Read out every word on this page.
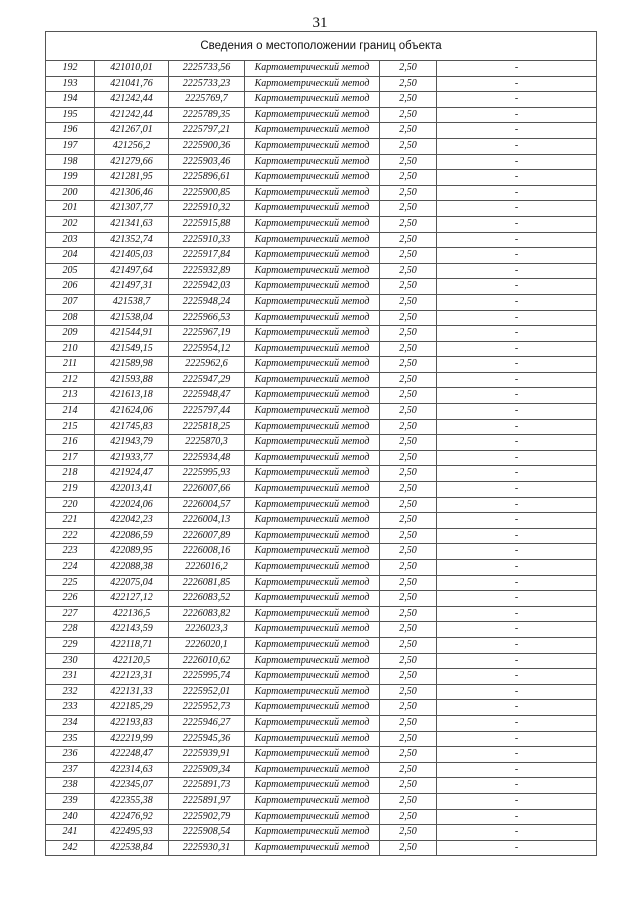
31
Сведения о местоположении границ объекта					
192	421010,01	2225733,56	Картометрический метод	2,50	-
193	421041,76	2225733,23	Картометрический метод	2,50	-
194	421242,44	2225769,7	Картометрический метод	2,50	-
195	421242,44	2225789,35	Картометрический метод	2,50	-
196	421267,01	2225797,21	Картометрический метод	2,50	-
197	421256,2	2225900,36	Картометрический метод	2,50	-
198	421279,66	2225903,46	Картометрический метод	2,50	-
199	421281,95	2225896,61	Картометрический метод	2,50	-
200	421306,46	2225900,85	Картометрический метод	2,50	-
201	421307,77	2225910,32	Картометрический метод	2,50	-
202	421341,63	2225915,88	Картометрический метод	2,50	-
203	421352,74	2225910,33	Картометрический метод	2,50	-
204	421405,03	2225917,84	Картометрический метод	2,50	-
205	421497,64	2225932,89	Картометрический метод	2,50	-
206	421497,31	2225942,03	Картометрический метод	2,50	-
207	421538,7	2225948,24	Картометрический метод	2,50	-
208	421538,04	2225966,53	Картометрический метод	2,50	-
209	421544,91	2225967,19	Картометрический метод	2,50	-
210	421549,15	2225954,12	Картометрический метод	2,50	-
211	421589,98	2225962,6	Картометрический метод	2,50	-
212	421593,88	2225947,29	Картометрический метод	2,50	-
213	421613,18	2225948,47	Картометрический метод	2,50	-
214	421624,06	2225797,44	Картометрический метод	2,50	-
215	421745,83	2225818,25	Картометрический метод	2,50	-
216	421943,79	2225870,3	Картометрический метод	2,50	-
217	421933,77	2225934,48	Картометрический метод	2,50	-
218	421924,47	2225995,93	Картометрический метод	2,50	-
219	422013,41	2226007,66	Картометрический метод	2,50	-
220	422024,06	2226004,57	Картометрический метод	2,50	-
221	422042,23	2226004,13	Картометрический метод	2,50	-
222	422086,59	2226007,89	Картометрический метод	2,50	-
223	422089,95	2226008,16	Картометрический метод	2,50	-
224	422088,38	2226016,2	Картометрический метод	2,50	-
225	422075,04	2226081,85	Картометрический метод	2,50	-
226	422127,12	2226083,52	Картометрический метод	2,50	-
227	422136,5	2226083,82	Картометрический метод	2,50	-
228	422143,59	2226023,3	Картометрический метод	2,50	-
229	422118,71	2226020,1	Картометрический метод	2,50	-
230	422120,5	2226010,62	Картометрический метод	2,50	-
231	422123,31	2225995,74	Картометрический метод	2,50	-
232	422131,33	2225952,01	Картометрический метод	2,50	-
233	422185,29	2225952,73	Картометрический метод	2,50	-
234	422193,83	2225946,27	Картометрический метод	2,50	-
235	422219,99	2225945,36	Картометрический метод	2,50	-
236	422248,47	2225939,91	Картометрический метод	2,50	-
237	422314,63	2225909,34	Картометрический метод	2,50	-
238	422345,07	2225891,73	Картометрический метод	2,50	-
239	422355,38	2225891,97	Картометрический метод	2,50	-
240	422476,92	2225902,79	Картометрический метод	2,50	-
241	422495,93	2225908,54	Картометрический метод	2,50	-
242	422538,84	2225930,31	Картометрический метод	2,50	-
